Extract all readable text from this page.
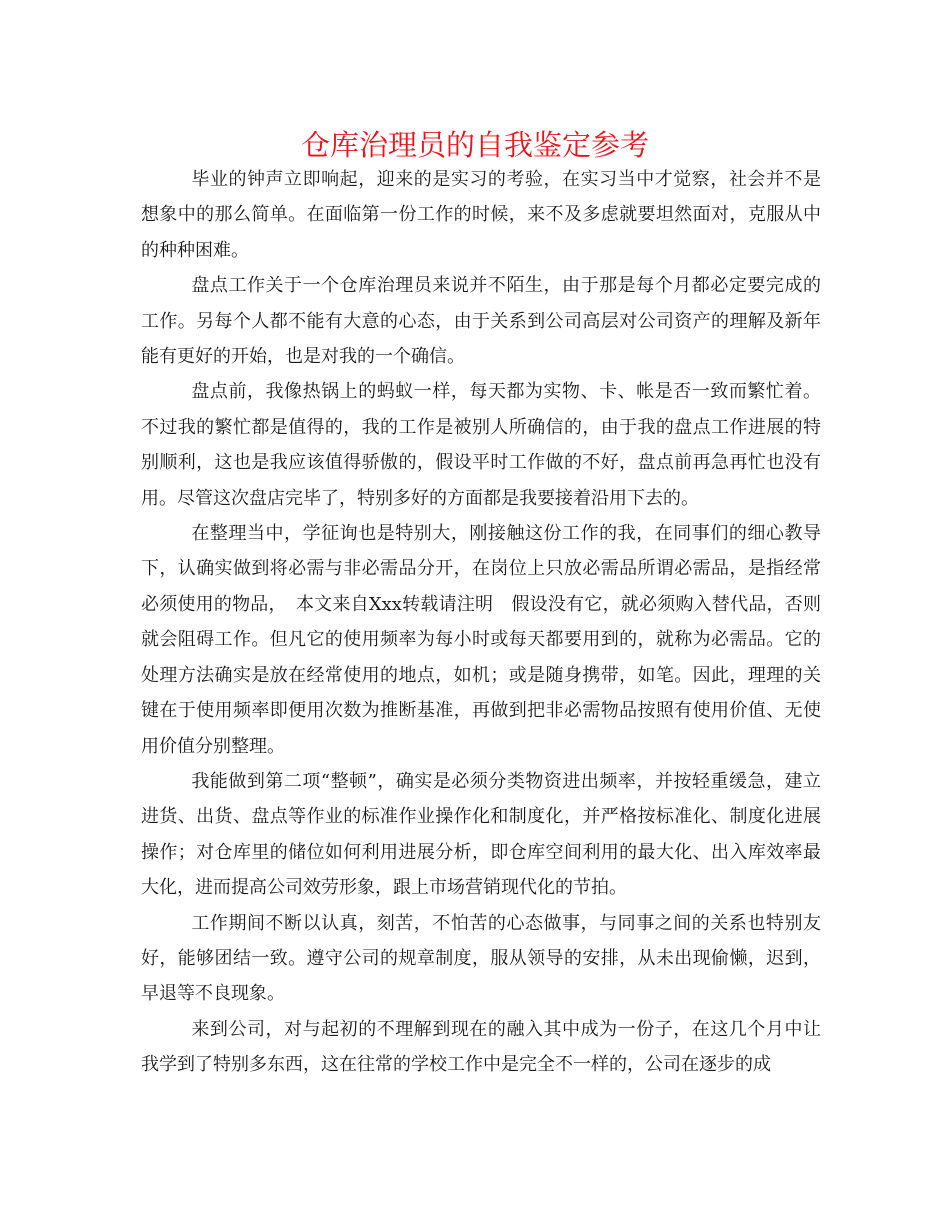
仓库治理员的自我鉴定参考

毕业的钟声立即响起，迎来的是实习的考验，在实习当中才觉察，社会并不是想象中的那么简单。在面临第一份工作的时候，来不及多虑就要坦然面对，克服从中的种种困难。

盘点工作关于一个仓库治理员来说并不陌生，由于那是每个月都必定要完成的工作。另每个人都不能有大意的心态，由于关系到公司高层对公司资产的理解及新年能有更好的开始，也是对我的一个确信。

盘点前，我像热锅上的蚂蚁一样，每天都为实物、卡、帐是否一致而繁忙着。不过我的繁忙都是值得的，我的工作是被别人所确信的，由于我的盘点工作进展的特别顺利，这也是我应该值得骄傲的，假设平时工作做的不好，盘点前再急再忙也没有用。尽管这次盘店完毕了，特别多好的方面都是我要接着沿用下去的。

在整理当中，学征询也是特别大，刚接触这份工作的我，在同事们的细心教导下，认确实做到将必需与非必需品分开，在岗位上只放必需品所谓必需品，是指经常必须使用的物品，　本文来自Xxx转载请注明　假设没有它，就必须购入替代品，否则就会阻碍工作。但凡它的使用频率为每小时或每天都要用到的，就称为必需品。它的处理方法确实是放在经常使用的地点，如机；或是随身携带，如笔。因此，理理的关键在于使用频率即便用次数为推断基准，再做到把非必需物品按照有使用价值、无使用价值分别整理。

我能做到第二项“整顿”，确实是必须分类物资进出频率，并按轻重缓急，建立进货、出货、盘点等作业的标准作业操作化和制度化，并严格按标准化、制度化进展操作；对仓库里的储位如何利用进展分析，即仓库空间利用的最大化、出入库效率最大化，进而提高公司效劳形象，跟上市场营销现代化的节拍。

工作期间不断以认真，刻苦，不怕苦的心态做事，与同事之间的关系也特别友好，能够团结一致。遵守公司的规章制度，服从领导的安排，从未出现偷懒，迟到，早退等不良现象。

来到公司，对与起初的不理解到现在的融入其中成为一份子，在这几个月中让我学到了特别多东西，这在往常的学校工作中是完全不一样的，公司在逐步的成
